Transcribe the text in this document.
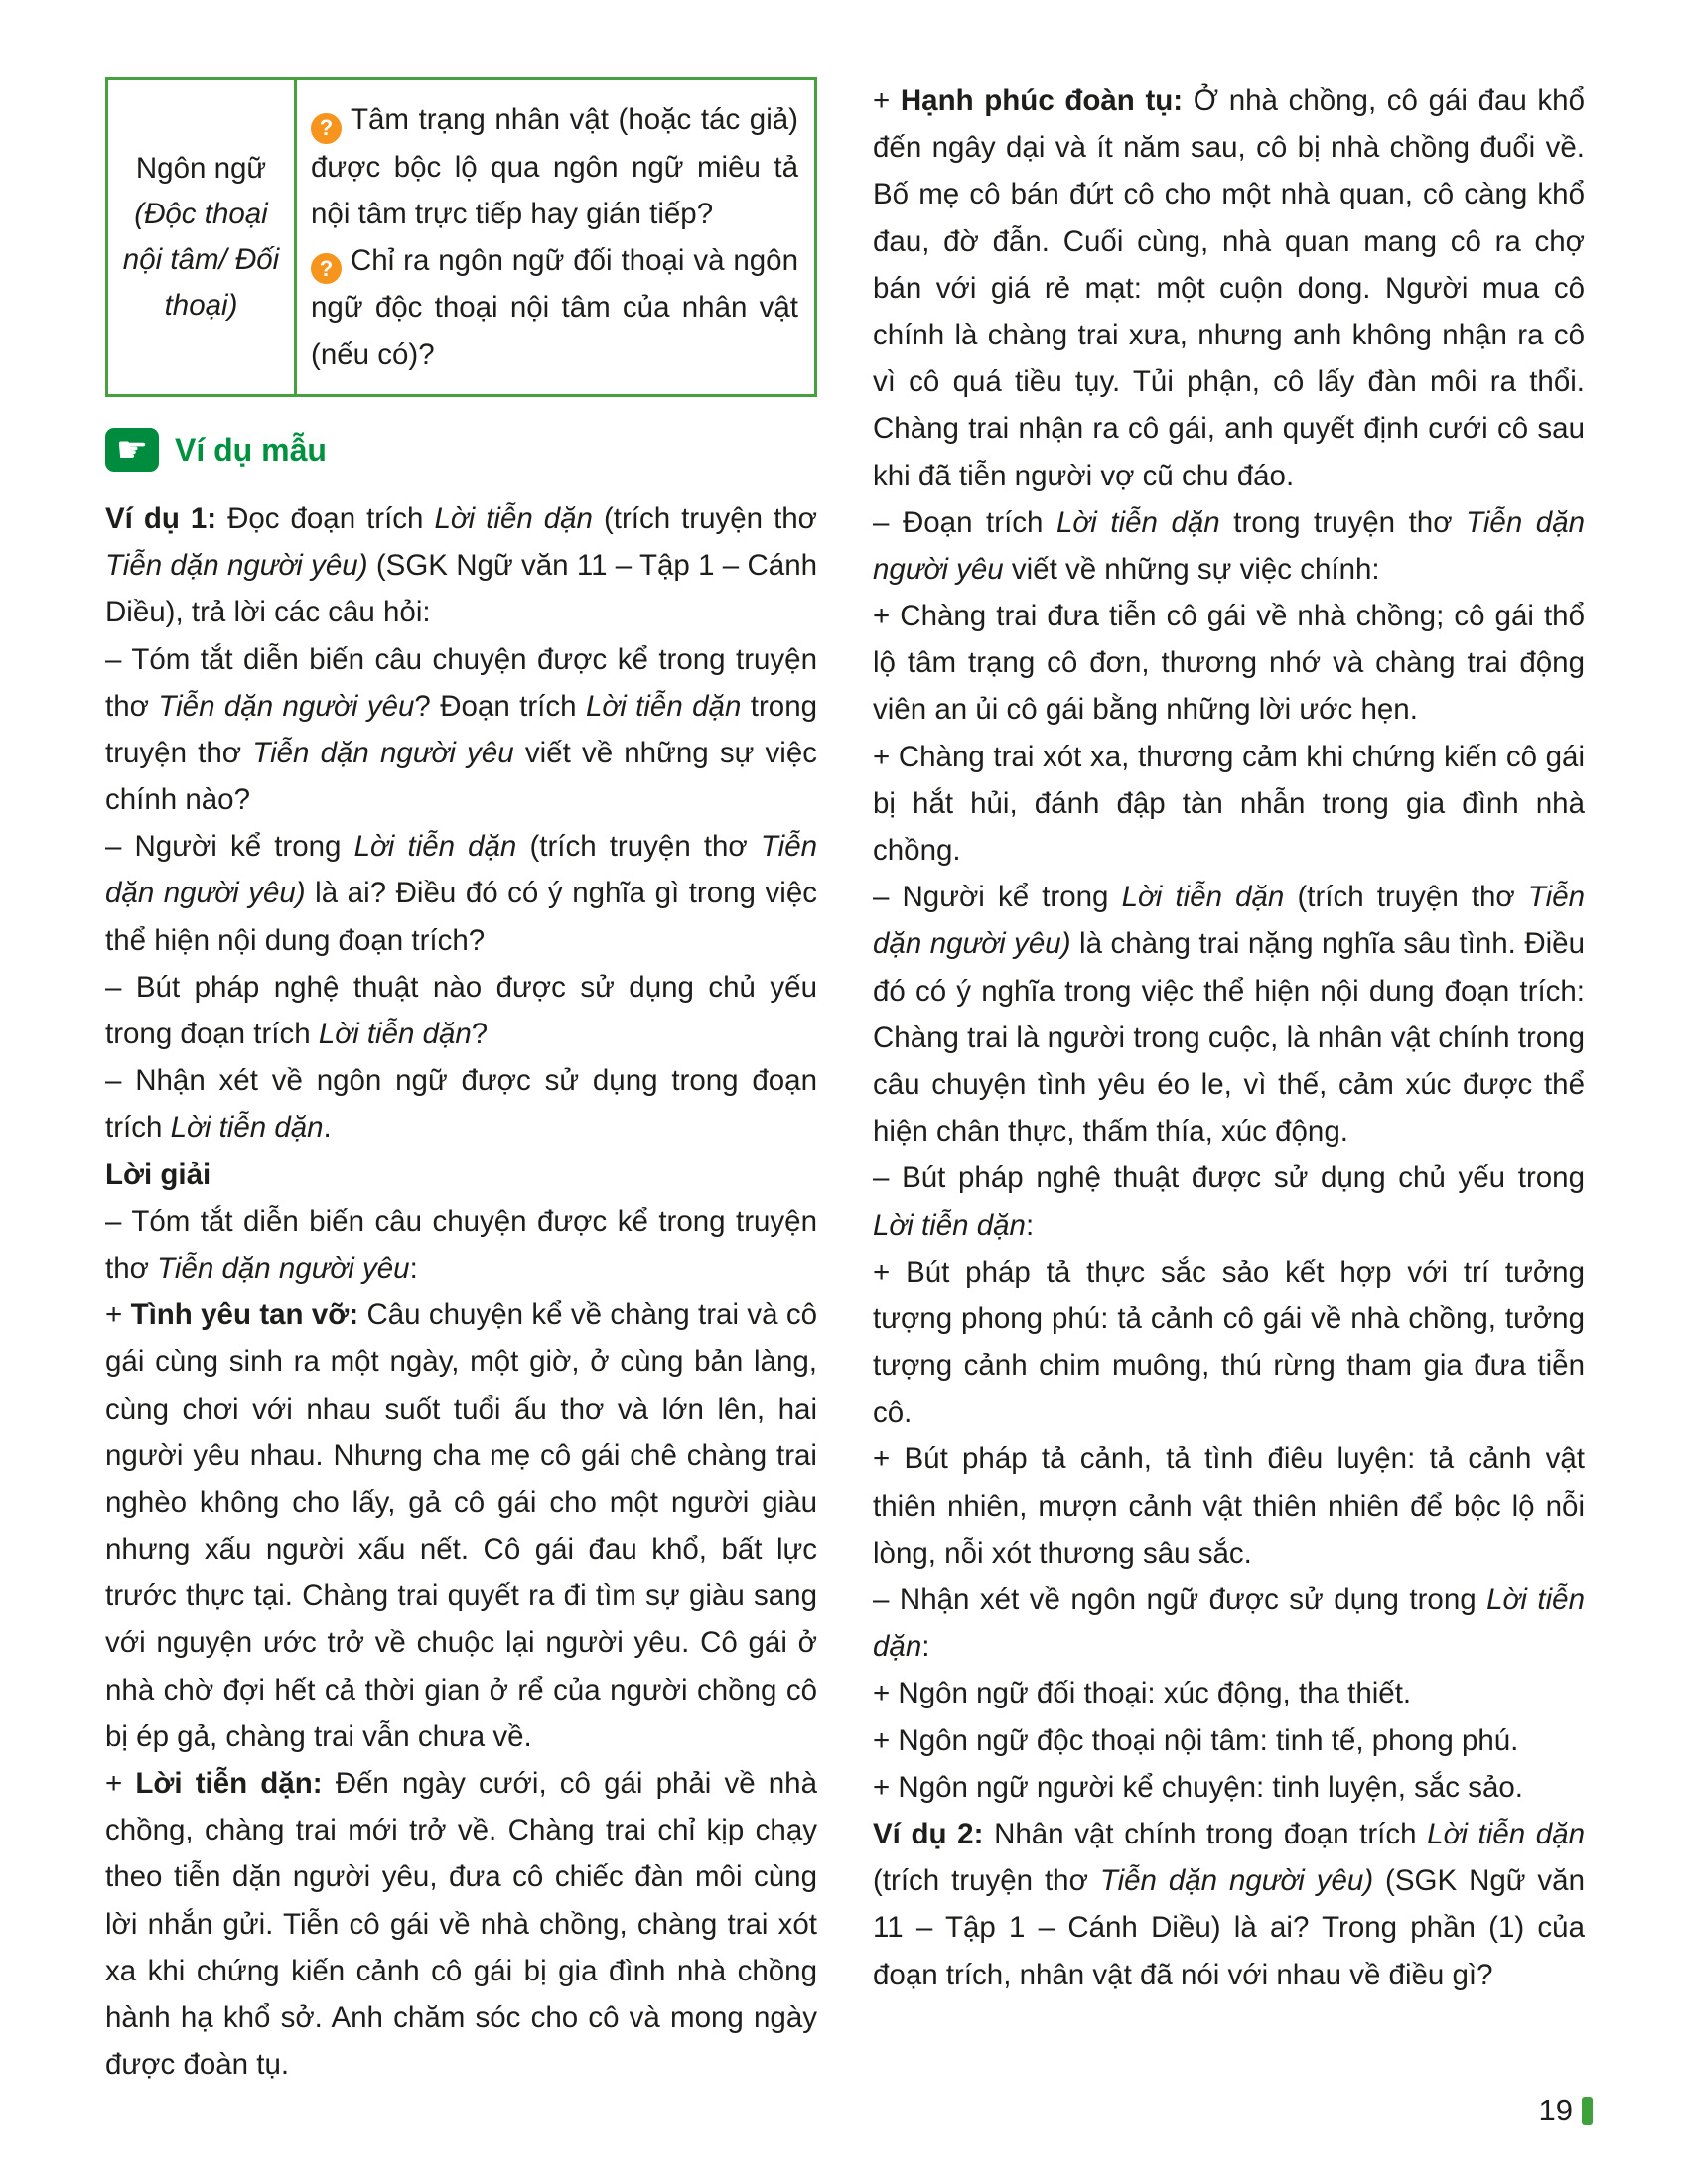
Ngôn ngữ
(Độc thoại nội tâm/ Đối thoại)
? Tâm trạng nhân vật (hoặc tác giả) được bộc lộ qua ngôn ngữ miêu tả nội tâm trực tiếp hay gián tiếp?
? Chỉ ra ngôn ngữ đối thoại và ngôn ngữ độc thoại nội tâm của nhân vật (nếu có)?
☛ Ví dụ mẫu

Ví dụ 1: Đọc đoạn trích Lời tiễn dặn (trích truyện thơ Tiễn dặn người yêu) (SGK Ngữ văn 11 – Tập 1 – Cánh Diều), trả lời các câu hỏi:

– Tóm tắt diễn biến câu chuyện được kể trong truyện thơ Tiễn dặn người yêu? Đoạn trích Lời tiễn dặn trong truyện thơ Tiễn dặn người yêu viết về những sự việc chính nào?

– Người kể trong Lời tiễn dặn (trích truyện thơ Tiễn dặn người yêu) là ai? Điều đó có ý nghĩa gì trong việc thể hiện nội dung đoạn trích?

– Bút pháp nghệ thuật nào được sử dụng chủ yếu trong đoạn trích Lời tiễn dặn?

– Nhận xét về ngôn ngữ được sử dụng trong đoạn trích Lời tiễn dặn.

Lời giải

– Tóm tắt diễn biến câu chuyện được kể trong truyện thơ Tiễn dặn người yêu:

+ Tình yêu tan vỡ: Câu chuyện kể về chàng trai và cô gái cùng sinh ra một ngày, một giờ, ở cùng bản làng, cùng chơi với nhau suốt tuổi ấu thơ và lớn lên, hai người yêu nhau. Nhưng cha mẹ cô gái chê chàng trai nghèo không cho lấy, gả cô gái cho một người giàu nhưng xấu người xấu nết. Cô gái đau khổ, bất lực trước thực tại. Chàng trai quyết ra đi tìm sự giàu sang với nguyện ước trở về chuộc lại người yêu. Cô gái ở nhà chờ đợi hết cả thời gian ở rể của người chồng cô bị ép gả, chàng trai vẫn chưa về.

+ Lời tiễn dặn: Đến ngày cưới, cô gái phải về nhà chồng, chàng trai mới trở về. Chàng trai chỉ kịp chạy theo tiễn dặn người yêu, đưa cô chiếc đàn môi cùng lời nhắn gửi. Tiễn cô gái về nhà chồng, chàng trai xót xa khi chứng kiến cảnh cô gái bị gia đình nhà chồng hành hạ khổ sở. Anh chăm sóc cho cô và mong ngày được đoàn tụ.

+ Hạnh phúc đoàn tụ: Ở nhà chồng, cô gái đau khổ đến ngây dại và ít năm sau, cô bị nhà chồng đuổi về. Bố mẹ cô bán đứt cô cho một nhà quan, cô càng khổ đau, đờ đẫn. Cuối cùng, nhà quan mang cô ra chợ bán với giá rẻ mạt: một cuộn dong. Người mua cô chính là chàng trai xưa, nhưng anh không nhận ra cô vì cô quá tiều tụy. Tủi phận, cô lấy đàn môi ra thổi. Chàng trai nhận ra cô gái, anh quyết định cưới cô sau khi đã tiễn người vợ cũ chu đáo.

– Đoạn trích Lời tiễn dặn trong truyện thơ Tiễn dặn người yêu viết về những sự việc chính:

+ Chàng trai đưa tiễn cô gái về nhà chồng; cô gái thổ lộ tâm trạng cô đơn, thương nhớ và chàng trai động viên an ủi cô gái bằng những lời ước hẹn.

+ Chàng trai xót xa, thương cảm khi chứng kiến cô gái bị hắt hủi, đánh đập tàn nhẫn trong gia đình nhà chồng.

– Người kể trong Lời tiễn dặn (trích truyện thơ Tiễn dặn người yêu) là chàng trai nặng nghĩa sâu tình. Điều đó có ý nghĩa trong việc thể hiện nội dung đoạn trích: Chàng trai là người trong cuộc, là nhân vật chính trong câu chuyện tình yêu éo le, vì thế, cảm xúc được thể hiện chân thực, thấm thía, xúc động.

– Bút pháp nghệ thuật được sử dụng chủ yếu trong Lời tiễn dặn:

+ Bút pháp tả thực sắc sảo kết hợp với trí tưởng tượng phong phú: tả cảnh cô gái về nhà chồng, tưởng tượng cảnh chim muông, thú rừng tham gia đưa tiễn cô.

+ Bút pháp tả cảnh, tả tình điêu luyện: tả cảnh vật thiên nhiên, mượn cảnh vật thiên nhiên để bộc lộ nỗi lòng, nỗi xót thương sâu sắc.

– Nhận xét về ngôn ngữ được sử dụng trong Lời tiễn dặn:

+ Ngôn ngữ đối thoại: xúc động, tha thiết.

+ Ngôn ngữ độc thoại nội tâm: tinh tế, phong phú.

+ Ngôn ngữ người kể chuyện: tinh luyện, sắc sảo.

Ví dụ 2: Nhân vật chính trong đoạn trích Lời tiễn dặn (trích truyện thơ Tiễn dặn người yêu) (SGK Ngữ văn 11 – Tập 1 – Cánh Diều) là ai? Trong phần (1) của đoạn trích, nhân vật đã nói với nhau về điều gì?

19
